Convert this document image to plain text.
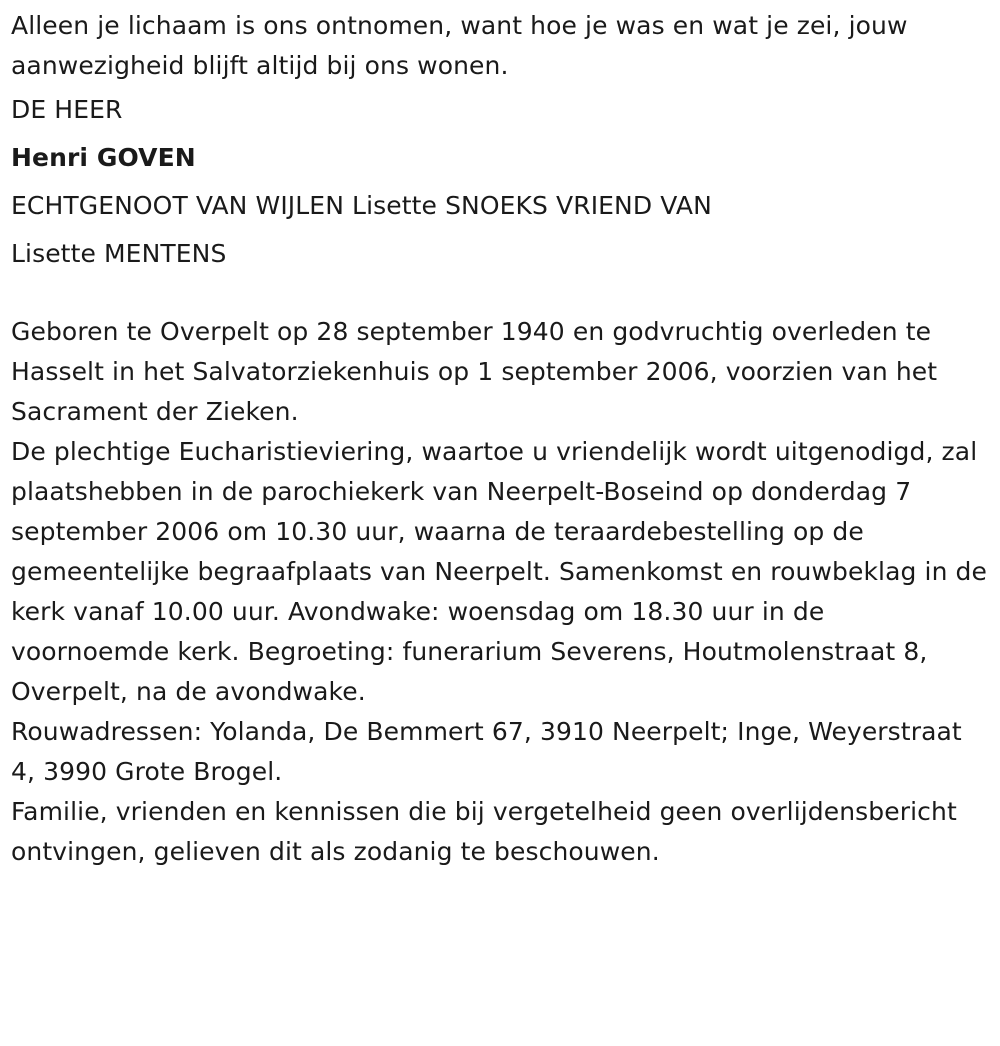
Alleen je lichaam is ons ontnomen, want hoe je was en wat je zei, jouw aanwezigheid blijft altijd bij ons wonen.

DE HEER

Henri GOVEN

ECHTGENOOT VAN WIJLEN Lisette SNOEKS VRIEND VAN

Lisette MENTENS

Geboren te Overpelt op 28 september 1940 en godvruchtig overleden te Hasselt in het Salvatorziekenhuis op 1 september 2006, voorzien van het Sacrament der Zieken.

De plechtige Eucharistieviering, waartoe u vriendelijk wordt uitgenodigd, zal plaatshebben in de parochiekerk van Neerpelt-Boseind op donderdag 7 september 2006 om 10.30 uur, waarna de teraardebestelling op de gemeentelijke begraafplaats van Neerpelt. Samenkomst en rouwbeklag in de kerk vanaf 10.00 uur. Avondwake: woensdag om 18.30 uur in de voornoemde kerk. Begroeting: funerarium Severens, Houtmolenstraat 8, Overpelt, na de avondwake.

Rouwadressen: Yolanda, De Bemmert 67, 3910 Neerpelt; Inge, Weyerstraat 4, 3990 Grote Brogel.

Familie, vrienden en kennissen die bij vergetelheid geen overlijdensbericht ontvingen, gelieven dit als zodanig te beschouwen.
